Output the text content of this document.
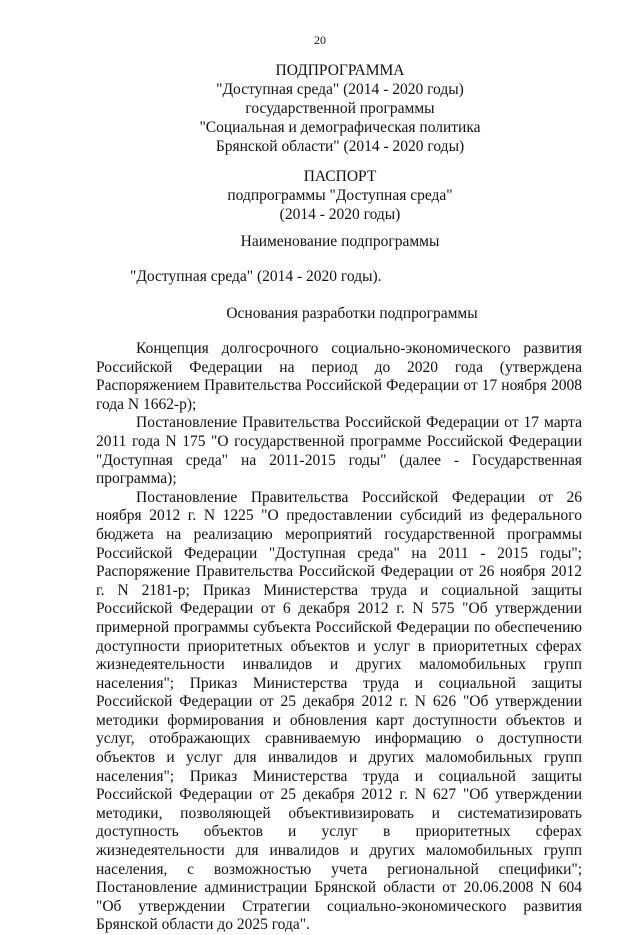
20
ПОДПРОГРАММА
"Доступная среда" (2014 - 2020 годы)
государственной программы
"Социальная и демографическая политика
Брянской области" (2014 - 2020 годы)
ПАСПОРТ
подпрограммы "Доступная среда"
(2014 - 2020 годы)
Наименование подпрограммы
"Доступная среда" (2014 - 2020 годы).
Основания разработки подпрограммы

Концепция долгосрочного социально-экономического развития Российской Федерации на период до 2020 года (утверждена Распоряжением Правительства Российской Федерации от 17 ноября 2008 года N 1662-р);

Постановление Правительства Российской Федерации от 17 марта 2011 года N 175 "О государственной программе Российской Федерации "Доступная среда" на 2011-2015 годы" (далее - Государственная программа);

Постановление Правительства Российской Федерации от 26 ноября 2012 г. N 1225 "О предоставлении субсидий из федерального бюджета на реализацию мероприятий государственной программы Российской Федерации "Доступная среда" на 2011 - 2015 годы"; Распоряжение Правительства Российской Федерации от 26 ноября 2012 г. N 2181-р; Приказ Министерства труда и социальной защиты Российской Федерации от 6 декабря 2012 г. N 575 "Об утверждении примерной программы субъекта Российской Федерации по обеспечению доступности приоритетных объектов и услуг в приоритетных сферах жизнедеятельности инвалидов и других маломобильных групп населения"; Приказ Министерства труда и социальной защиты Российской Федерации от 25 декабря 2012 г. N 626 "Об утверждении методики формирования и обновления карт доступности объектов и услуг, отображающих сравниваемую информацию о доступности объектов и услуг для инвалидов и других маломобильных групп населения"; Приказ Министерства труда и социальной защиты Российской Федерации от 25 декабря 2012 г. N 627 "Об утверждении методики, позволяющей объективизировать и систематизировать доступность объектов и услуг в приоритетных сферах жизнедеятельности для инвалидов и других маломобильных групп населения, с возможностью учета региональной специфики"; Постановление администрации Брянской области от 20.06.2008 N 604 "Об утверждении Стратегии социально-экономического развития Брянской области до 2025 года".
